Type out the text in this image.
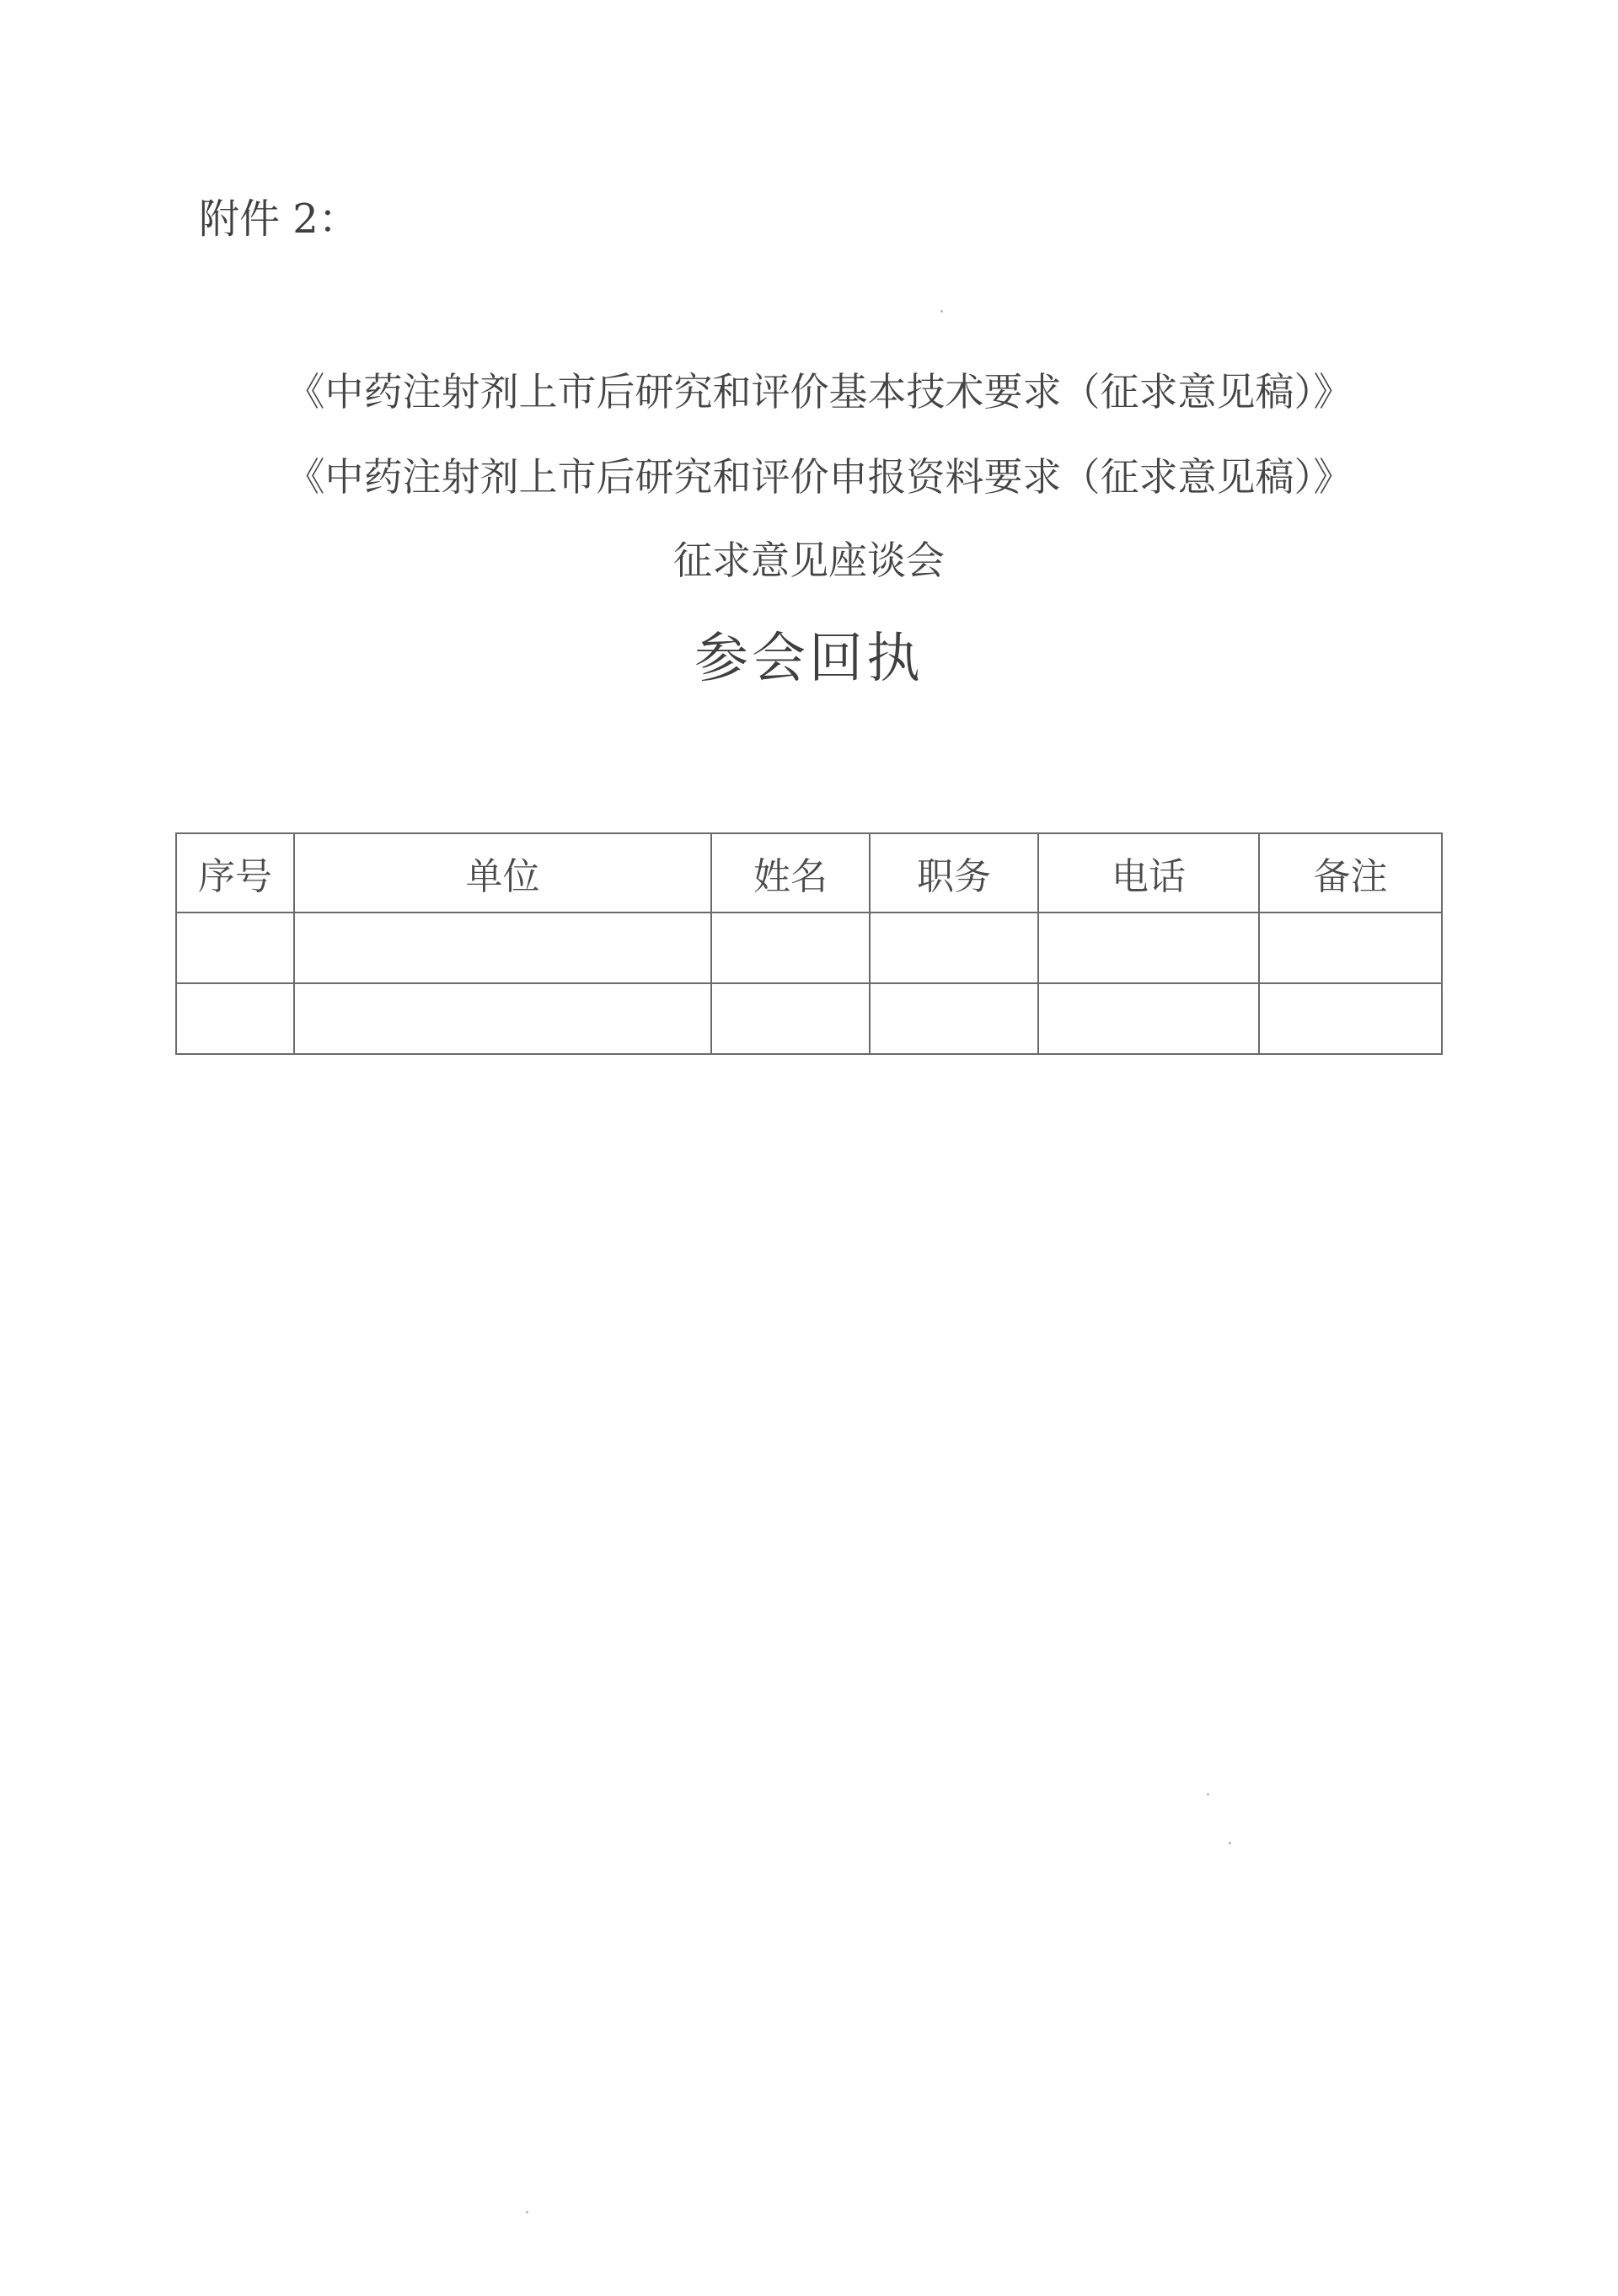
附件 2：
《中药注射剂上市后研究和评价基本技术要求（征求意见稿）》
《中药注射剂上市后研究和评价申报资料要求（征求意见稿）》
征求意见座谈会
参会回执
序号	单位	姓名	职务	电话	备注
